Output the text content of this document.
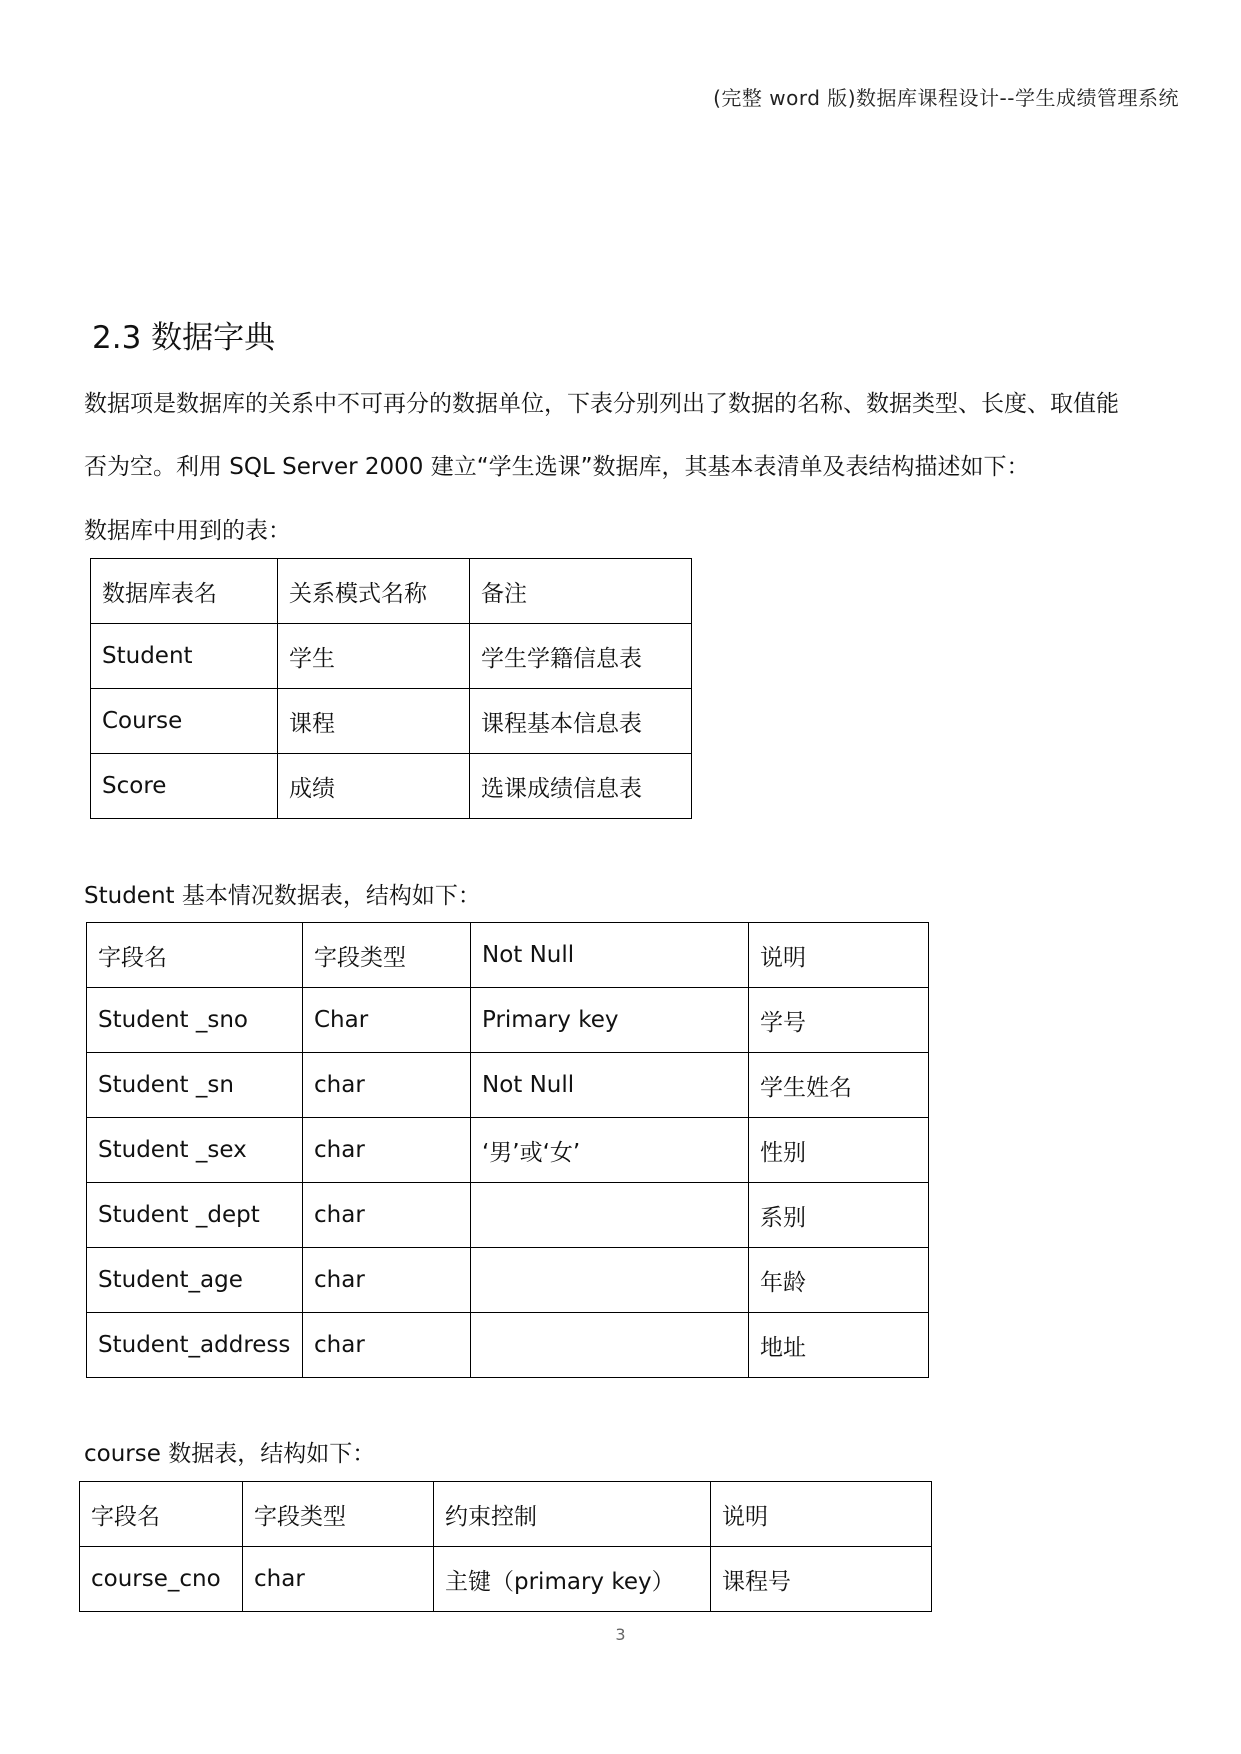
(完整 word 版)数据库课程设计--学生成绩管理系统
2.3 数据字典

数据项是数据库的关系中不可再分的数据单位，下表分别列出了数据的名称、数据类型、长度、取值能

否为空。利用 SQL Server 2000 建立“学生选课”数据库，其基本表清单及表结构描述如下：

数据库中用到的表：

数据库表名	关系模式名称	备注
Student	学生	学生学籍信息表
Course	课程	课程基本信息表
Score	成绩	选课成绩信息表

Student 基本情况数据表，结构如下：

字段名	字段类型	Not Null	说明
Student _sno	Char	Primary key	学号
Student _sn	char	Not Null	学生姓名
Student _sex	char	‘男’或‘女’	性别
Student _dept	char		系别
Student_age	char		年龄
Student_address	char		地址

course 数据表，结构如下：

字段名	字段类型	约束控制	说明
course_cno	char	主键（primary key）	课程号
3
